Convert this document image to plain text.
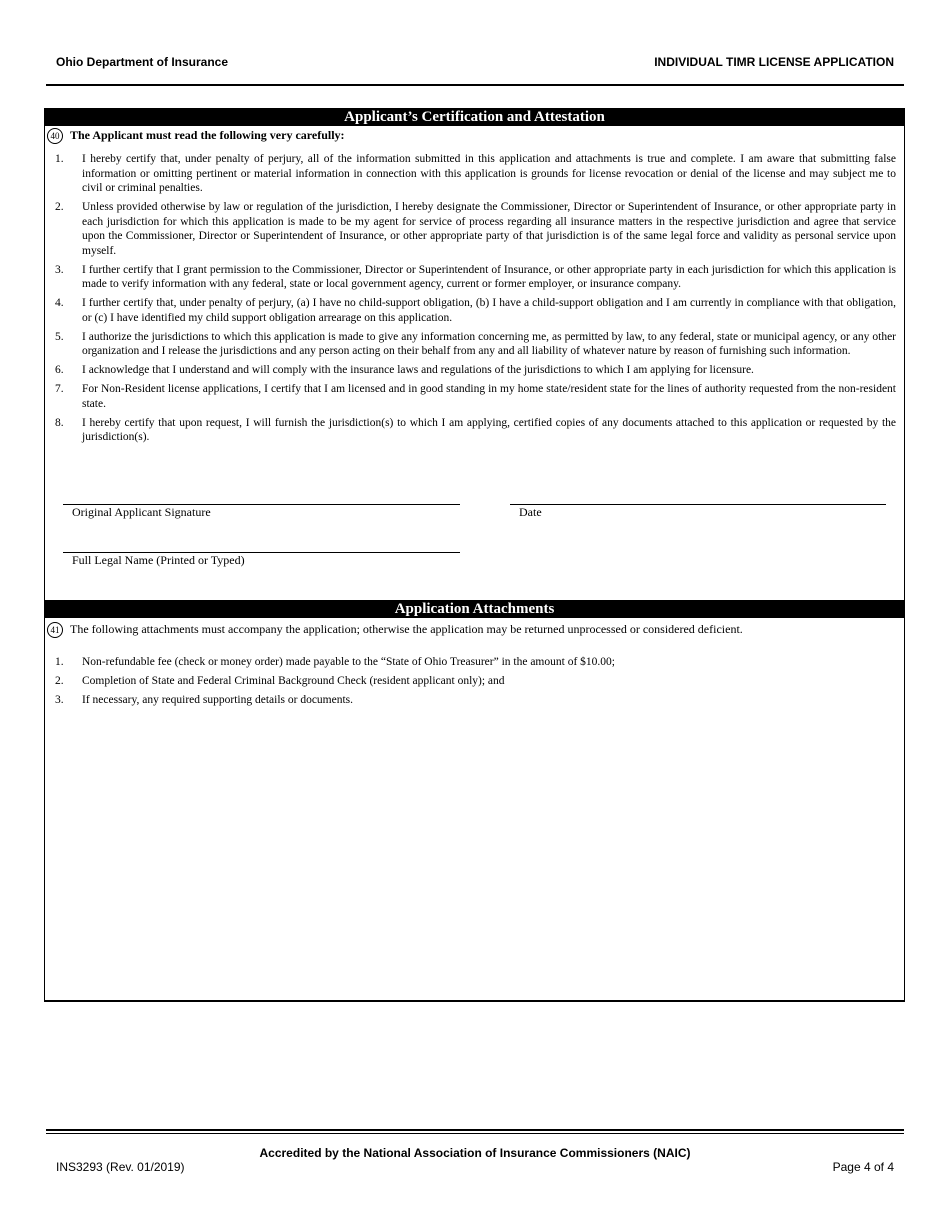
Ohio Department of Insurance	INDIVIDUAL TIMR LICENSE APPLICATION
Applicant’s Certification and Attestation
40 The Applicant must read the following very carefully:
1. I hereby certify that, under penalty of perjury, all of the information submitted in this application and attachments is true and complete. I am aware that submitting false information or omitting pertinent or material information in connection with this application is grounds for license revocation or denial of the license and may subject me to civil or criminal penalties.
2. Unless provided otherwise by law or regulation of the jurisdiction, I hereby designate the Commissioner, Director or Superintendent of Insurance, or other appropriate party in each jurisdiction for which this application is made to be my agent for service of process regarding all insurance matters in the respective jurisdiction and agree that service upon the Commissioner, Director or Superintendent of Insurance, or other appropriate party of that jurisdiction is of the same legal force and validity as personal service upon myself.
3. I further certify that I grant permission to the Commissioner, Director or Superintendent of Insurance, or other appropriate party in each jurisdiction for which this application is made to verify information with any federal, state or local government agency, current or former employer, or insurance company.
4. I further certify that, under penalty of perjury, (a) I have no child-support obligation, (b) I have a child-support obligation and I am currently in compliance with that obligation, or (c) I have identified my child support obligation arrearage on this application.
5. I authorize the jurisdictions to which this application is made to give any information concerning me, as permitted by law, to any federal, state or municipal agency, or any other organization and I release the jurisdictions and any person acting on their behalf from any and all liability of whatever nature by reason of furnishing such information.
6. I acknowledge that I understand and will comply with the insurance laws and regulations of the jurisdictions to which I am applying for licensure.
7. For Non-Resident license applications, I certify that I am licensed and in good standing in my home state/resident state for the lines of authority requested from the non-resident state.
8. I hereby certify that upon request, I will furnish the jurisdiction(s) to which I am applying, certified copies of any documents attached to this application or requested by the jurisdiction(s).
Original Applicant Signature	Date
Full Legal Name (Printed or Typed)
Application Attachments
41 The following attachments must accompany the application; otherwise the application may be returned unprocessed or considered deficient.
1. Non-refundable fee (check or money order) made payable to the “State of Ohio Treasurer” in the amount of $10.00;
2. Completion of State and Federal Criminal Background Check (resident applicant only); and
3. If necessary, any required supporting details or documents.
Accredited by the National Association of Insurance Commissioners (NAIC)
INS3293 (Rev. 01/2019)	Page 4 of 4
